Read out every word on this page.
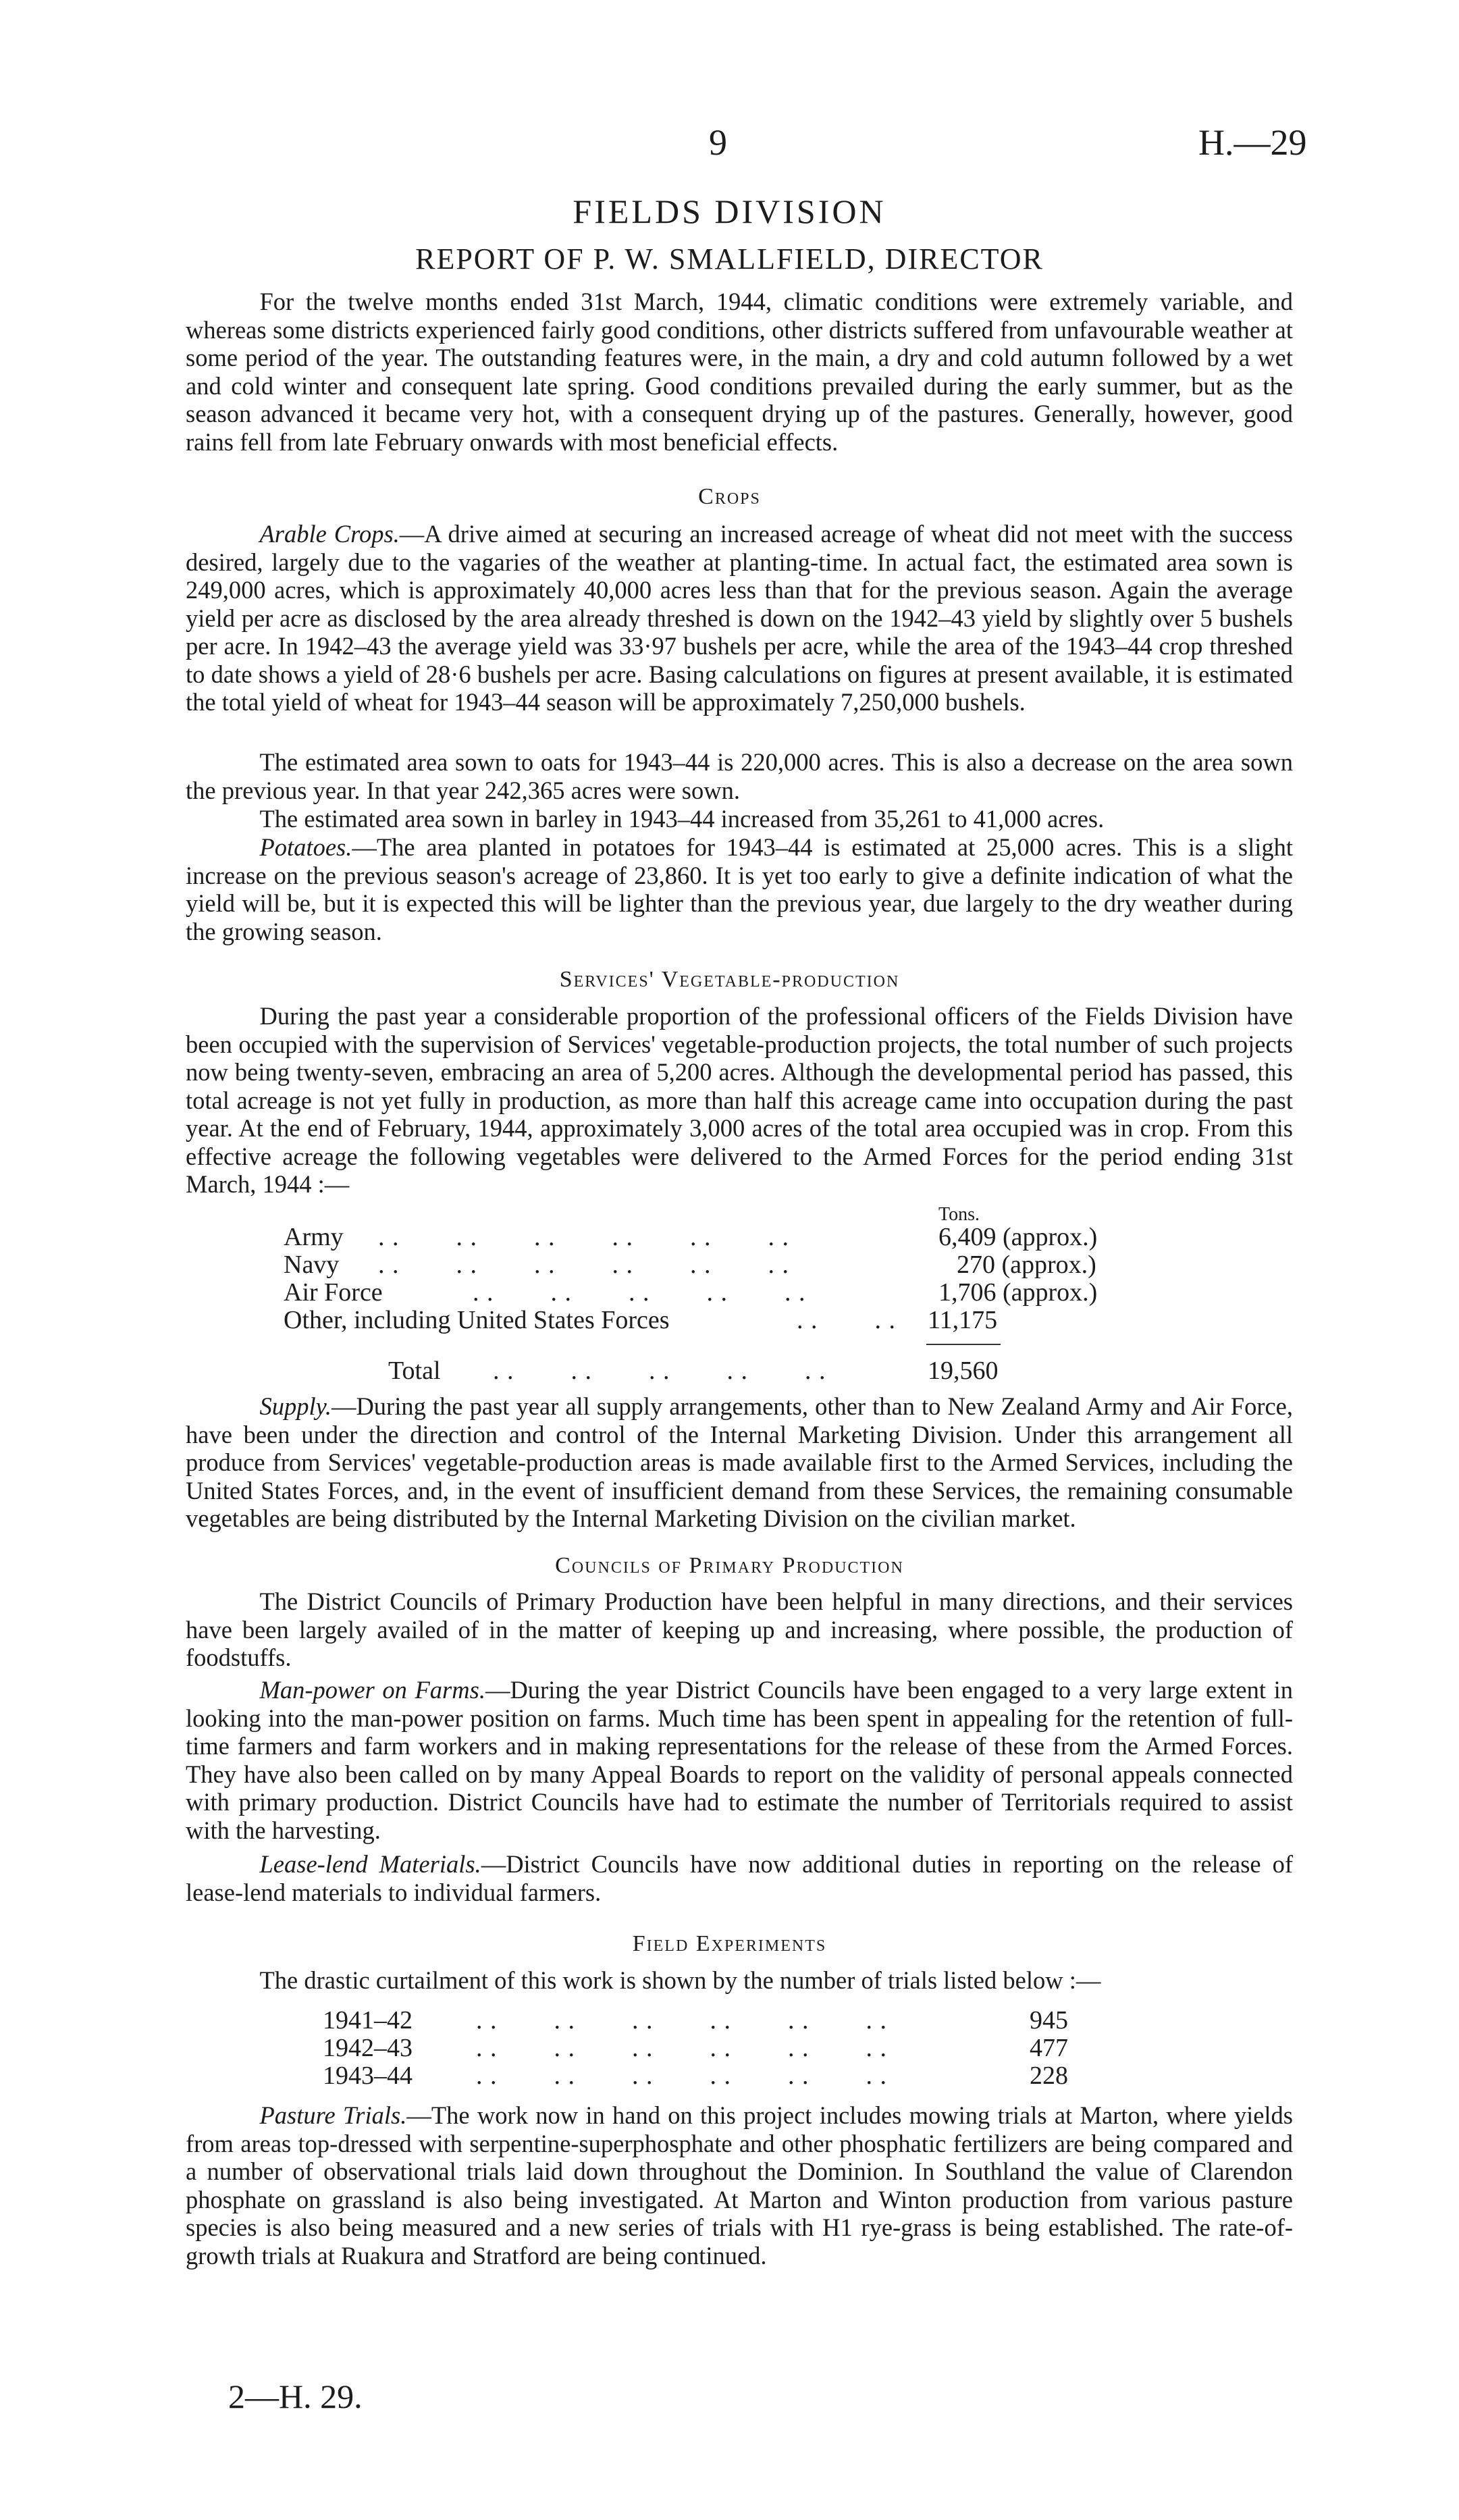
9	H.—29
FIELDS DIVISION
REPORT OF P. W. SMALLFIELD, DIRECTOR
For the twelve months ended 31st March, 1944, climatic conditions were extremely variable, and whereas some districts experienced fairly good conditions, other districts suffered from unfavourable weather at some period of the year. The outstanding features were, in the main, a dry and cold autumn followed by a wet and cold winter and consequent late spring. Good conditions prevailed during the early summer, but as the season advanced it became very hot, with a consequent drying up of the pastures. Generally, however, good rains fell from late February onwards with most beneficial effects.
Crops
Arable Crops.—A drive aimed at securing an increased acreage of wheat did not meet with the success desired, largely due to the vagaries of the weather at planting-time. In actual fact, the estimated area sown is 249,000 acres, which is approximately 40,000 acres less than that for the previous season. Again the average yield per acre as disclosed by the area already threshed is down on the 1942–43 yield by slightly over 5 bushels per acre. In 1942–43 the average yield was 33·97 bushels per acre, while the area of the 1943–44 crop threshed to date shows a yield of 28·6 bushels per acre. Basing calculations on figures at present available, it is estimated the total yield of wheat for 1943–44 season will be approximately 7,250,000 bushels.
The estimated area sown to oats for 1943–44 is 220,000 acres. This is also a decrease on the area sown the previous year. In that year 242,365 acres were sown.
The estimated area sown in barley in 1943–44 increased from 35,261 to 41,000 acres.
Potatoes.—The area planted in potatoes for 1943–44 is estimated at 25,000 acres. This is a slight increase on the previous season's acreage of 23,860. It is yet too early to give a definite indication of what the yield will be, but it is expected this will be lighter than the previous year, due largely to the dry weather during the growing season.
Services' Vegetable-production
During the past year a considerable proportion of the professional officers of the Fields Division have been occupied with the supervision of Services' vegetable-production projects, the total number of such projects now being twenty-seven, embracing an area of 5,200 acres. Although the developmental period has passed, this total acreage is not yet fully in production, as more than half this acreage came into occupation during the past year. At the end of February, 1944, approximately 3,000 acres of the total area occupied was in crop. From this effective acreage the following vegetables were delivered to the Armed Forces for the period ending 31st March, 1944 :—
Tons.
Army . .        . .        . .        . .        . .        . .	6,409 (approx.)
Navy . .        . .        . .        . .        . .        . .	270 (approx.)
Air Force	. .        . .        . .        . .        . .	1,706 (approx.)
Other, including United States Forces	. .        . . 11,175
Total . .        . .        . .        . .        . .	19,560
Supply.—During the past year all supply arrangements, other than to New Zealand Army and Air Force, have been under the direction and control of the Internal Marketing Division. Under this arrangement all produce from Services' vegetable-production areas is made available first to the Armed Services, including the United States Forces, and, in the event of insufficient demand from these Services, the remaining consumable vegetables are being distributed by the Internal Marketing Division on the civilian market.
Councils of Primary Production
The District Councils of Primary Production have been helpful in many directions, and their services have been largely availed of in the matter of keeping up and increasing, where possible, the production of foodstuffs.
Man-power on Farms.—During the year District Councils have been engaged to a very large extent in looking into the man-power position on farms. Much time has been spent in appealing for the retention of full-time farmers and farm workers and in making representations for the release of these from the Armed Forces. They have also been called on by many Appeal Boards to report on the validity of personal appeals connected with primary production. District Councils have had to estimate the number of Territorials required to assist with the harvesting.
Lease-lend Materials.—District Councils have now additional duties in reporting on the release of lease-lend materials to individual farmers.
Field Experiments
The drastic curtailment of this work is shown by the number of trials listed below :—
1941–42 . .        . .        . .        . .        . .        . .	945
1942–43 . .        . .        . .        . .        . .        . .	477
1943–44 . .        . .        . .        . .        . .        . .	228
Pasture Trials.—The work now in hand on this project includes mowing trials at Marton, where yields from areas top-dressed with serpentine-superphosphate and other phosphatic fertilizers are being compared and a number of observational trials laid down throughout the Dominion. In Southland the value of Clarendon phosphate on grassland is also being investigated. At Marton and Winton production from various pasture species is also being measured and a new series of trials with H1 rye-grass is being established. The rate-of-growth trials at Ruakura and Stratford are being continued.
2—H. 29.
